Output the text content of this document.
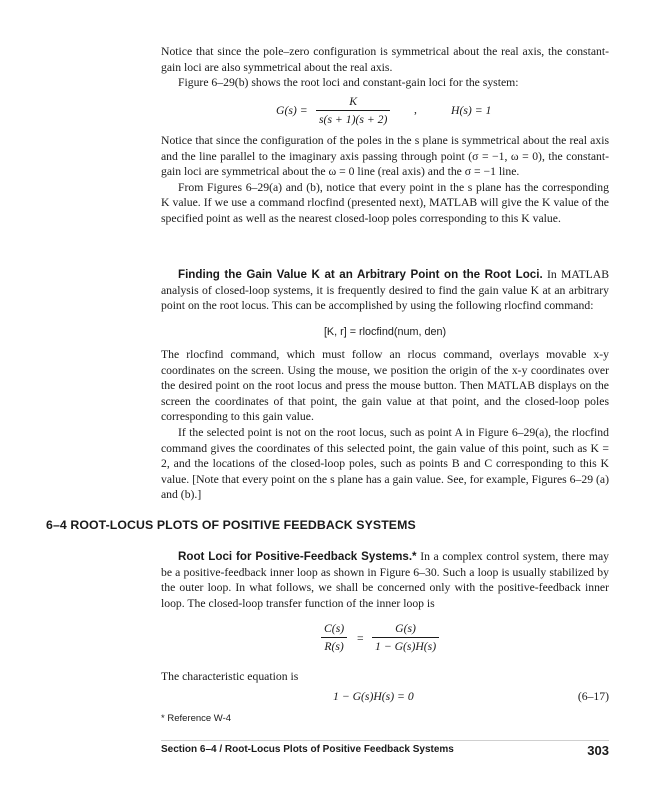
Notice that since the pole–zero configuration is symmetrical about the real axis, the constant-gain loci are also symmetrical about the real axis.

Figure 6–29(b) shows the root loci and constant-gain loci for the system:

$G(s) = \frac{K}{s(s + 1)(s + 2)}$ ,	H(s) = 1

Notice that since the configuration of the poles in the s plane is symmetrical about the real axis and the line parallel to the imaginary axis passing through point (σ = −1, ω = 0), the constant-gain loci are symmetrical about the ω = 0 line (real axis) and the σ = −1 line.

From Figures 6–29(a) and (b), notice that every point in the s plane has the corresponding K value. If we use a command rlocfind (presented next), MATLAB will give the K value of the specified point as well as the nearest closed-loop poles corresponding to this K value.

Finding the Gain Value K at an Arbitrary Point on the Root Loci. In MATLAB analysis of closed-loop systems, it is frequently desired to find the gain value K at an arbitrary point on the root locus. This can be accomplished by using the following rlocfind command:

[K, r] = rlocfind(num, den)

The rlocfind command, which must follow an rlocus command, overlays movable x-y coordinates on the screen. Using the mouse, we position the origin of the x-y coordinates over the desired point on the root locus and press the mouse button. Then MATLAB displays on the screen the coordinates of that point, the gain value at that point, and the closed-loop poles corresponding to this gain value.

If the selected point is not on the root locus, such as point A in Figure 6–29(a), the rlocfind command gives the coordinates of this selected point, the gain value of this point, such as K = 2, and the locations of the closed-loop poles, such as points B and C corresponding to this K value. [Note that every point on the s plane has a gain value. See, for example, Figures 6–29 (a) and (b).]

6–4 ROOT-LOCUS PLOTS OF POSITIVE FEEDBACK SYSTEMS

Root Loci for Positive-Feedback Systems.* In a complex control system, there may be a positive-feedback inner loop as shown in Figure 6–30. Such a loop is usually stabilized by the outer loop. In what follows, we shall be concerned only with the positive-feedback inner loop. The closed-loop transfer function of the inner loop is

$\frac{C(s)}{R(s)} = \frac{G(s)}{1 - G(s)H(s)}$

The characteristic equation is

1 − G(s)H(s) = 0	(6–17)
* Reference W-4
Section 6–4 / Root-Locus Plots of Positive Feedback Systems	303
